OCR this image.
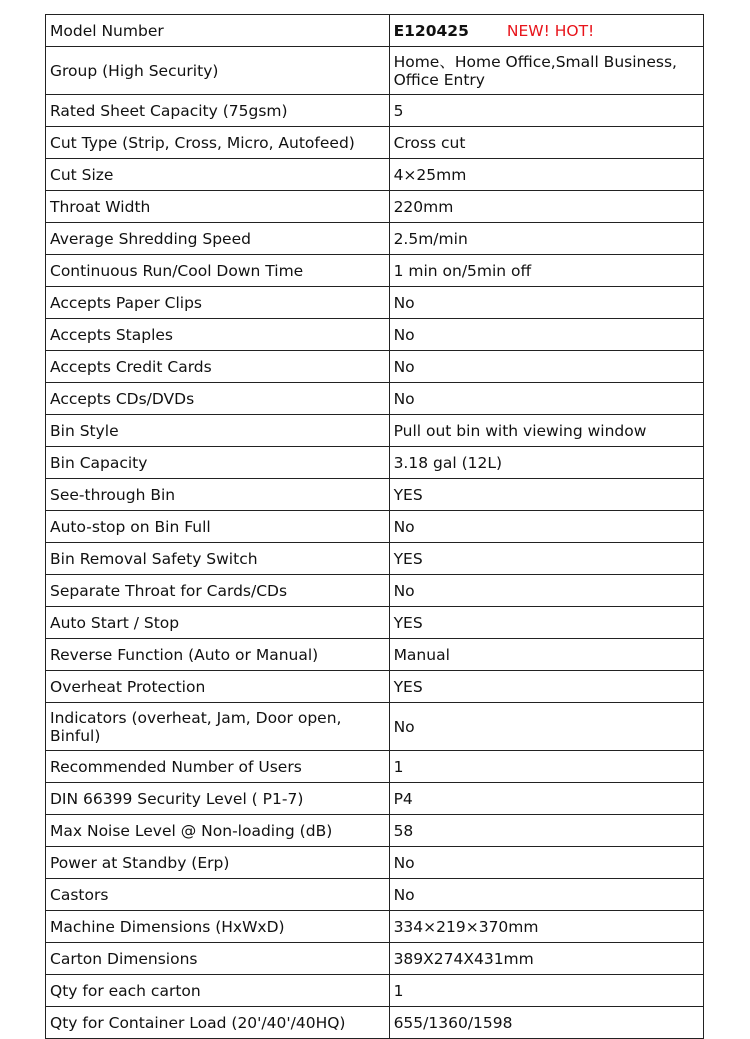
Model Number	E120425 NEW! HOT!
Group (High Security)	Home、Home Office,Small Business, Office Entry
Rated Sheet Capacity (75gsm)	5
Cut Type (Strip, Cross, Micro, Autofeed)	Cross cut
Cut Size	4×25mm
Throat Width	220mm
Average Shredding Speed	2.5m/min
Continuous Run/Cool Down Time	1 min on/5min off
Accepts Paper Clips	No
Accepts Staples	No
Accepts Credit Cards	No
Accepts CDs/DVDs	No
Bin Style	Pull out bin with viewing window
Bin Capacity	3.18 gal (12L)
See-through Bin	YES
Auto-stop on Bin Full	No
Bin Removal Safety Switch	YES
Separate Throat for Cards/CDs	No
Auto Start / Stop	YES
Reverse Function (Auto or Manual)	Manual
Overheat Protection	YES
Indicators (overheat, Jam, Door open, Binful)	No
Recommended Number of Users	1
DIN 66399 Security Level ( P1-7)	P4
Max Noise Level @ Non-loading (dB)	58
Power at Standby (Erp)	No
Castors	No
Machine Dimensions (HxWxD)	334×219×370mm
Carton Dimensions	389X274X431mm
Qty for each carton	1
Qty for Container Load (20'/40'/40HQ)	655/1360/1598
